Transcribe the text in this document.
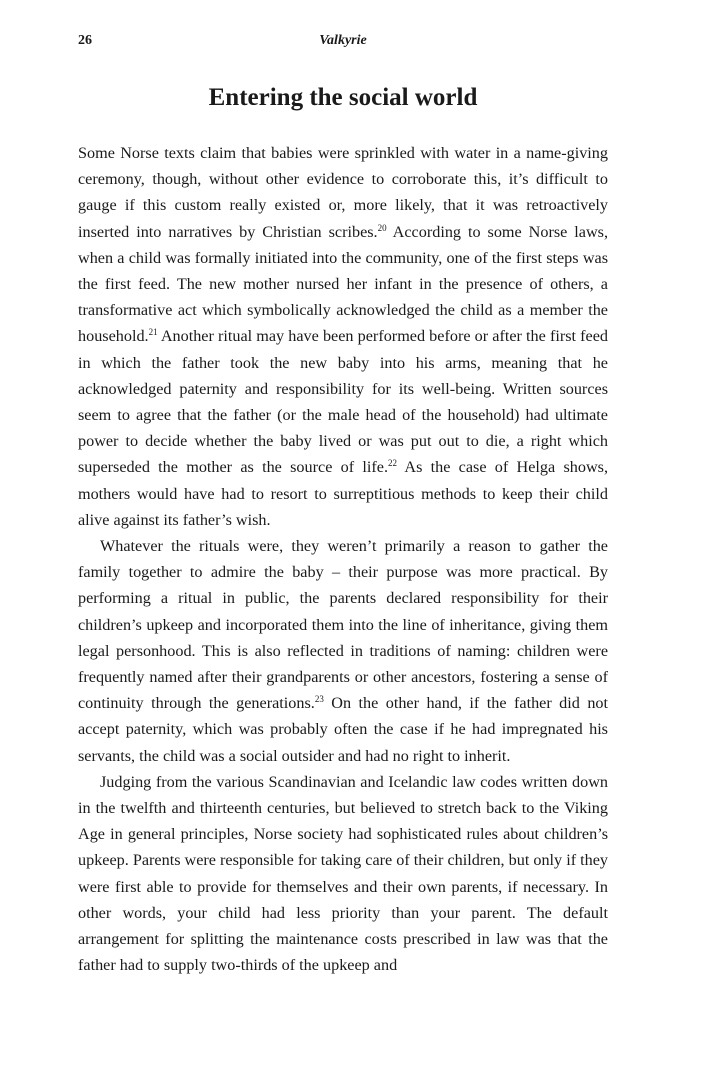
26	Valkyrie
Entering the social world

Some Norse texts claim that babies were sprinkled with water in a name-giving ceremony, though, without other evidence to corroborate this, it’s difficult to gauge if this custom really existed or, more likely, that it was retroactively inserted into narratives by Christian scribes.$^{20}$ According to some Norse laws, when a child was formally initiated into the community, one of the first steps was the first feed. The new mother nursed her infant in the presence of others, a transformative act which symbolically acknowledged the child as a member the household.$^{21}$ Another ritual may have been performed before or after the first feed in which the father took the new baby into his arms, meaning that he acknowledged paternity and responsibility for its well-being. Written sources seem to agree that the father (or the male head of the household) had ultimate power to decide whether the baby lived or was put out to die, a right which superseded the mother as the source of life.$^{22}$ As the case of Helga shows, mothers would have had to resort to surreptitious methods to keep their child alive against its father’s wish.

Whatever the rituals were, they weren’t primarily a reason to gather the family together to admire the baby – their purpose was more practical. By performing a ritual in public, the parents declared responsibility for their children’s upkeep and incorporated them into the line of inheritance, giving them legal personhood. This is also reflected in traditions of naming: children were frequently named after their grandparents or other ancestors, fostering a sense of continuity through the generations.$^{23}$ On the other hand, if the father did not accept paternity, which was probably often the case if he had impregnated his servants, the child was a social outsider and had no right to inherit.

Judging from the various Scandinavian and Icelandic law codes written down in the twelfth and thirteenth centuries, but believed to stretch back to the Viking Age in general principles, Norse society had sophisticated rules about children’s upkeep. Parents were responsible for taking care of their children, but only if they were first able to provide for themselves and their own parents, if necessary. In other words, your child had less priority than your parent. The default arrangement for splitting the maintenance costs prescribed in law was that the father had to supply two-thirds of the upkeep and
